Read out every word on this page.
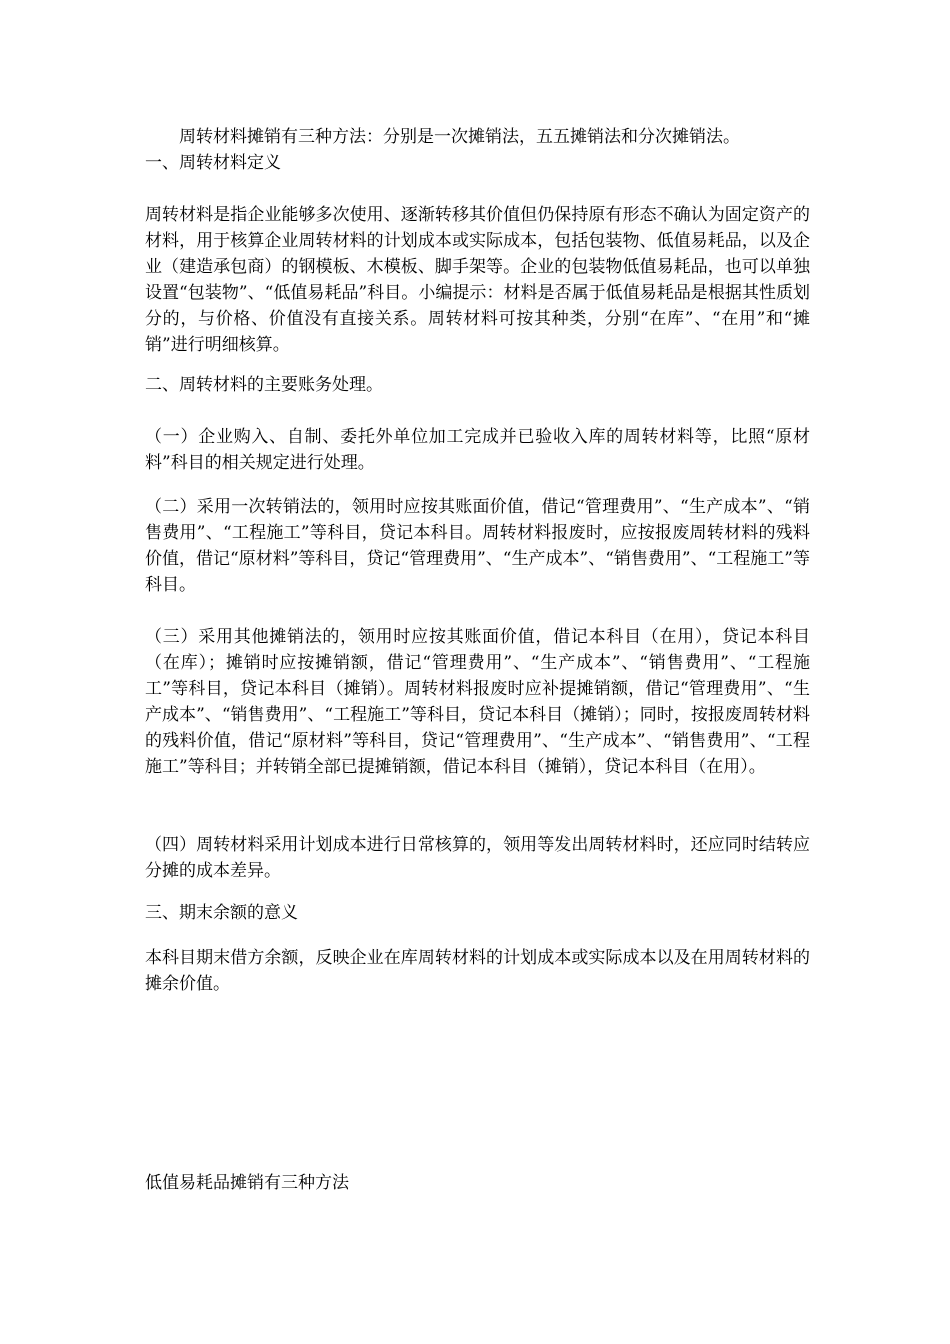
　　周转材料摊销有三种方法：分别是一次摊销法，五五摊销法和分次摊销法。

一、周转材料定义

周转材料是指企业能够多次使用、逐渐转移其价值但仍保持原有形态不确认为固定资产的材料，用于核算企业周转材料的计划成本或实际成本，包括包装物、低值易耗品，以及企业（建造承包商）的钢模板、木模板、脚手架等。企业的包装物低值易耗品，也可以单独设置“包装物”、“低值易耗品”科目。小编提示：材料是否属于低值易耗品是根据其性质划分的，与价格、价值没有直接关系。周转材料可按其种类，分别“在库”、“在用”和“摊销”进行明细核算。

二、周转材料的主要账务处理。

（一）企业购入、自制、委托外单位加工完成并已验收入库的周转材料等，比照“原材料”科目的相关规定进行处理。

（二）采用一次转销法的，领用时应按其账面价值，借记“管理费用”、“生产成本”、“销售费用”、“工程施工”等科目，贷记本科目。周转材料报废时，应按报废周转材料的残料价值，借记“原材料”等科目，贷记“管理费用”、“生产成本”、“销售费用”、“工程施工”等科目。

（三）采用其他摊销法的，领用时应按其账面价值，借记本科目（在用），贷记本科目（在库）；摊销时应按摊销额，借记“管理费用”、“生产成本”、“销售费用”、“工程施工”等科目，贷记本科目（摊销）。周转材料报废时应补提摊销额，借记“管理费用”、“生产成本”、“销售费用”、“工程施工”等科目，贷记本科目（摊销）；同时，按报废周转材料的残料价值，借记“原材料”等科目，贷记“管理费用”、“生产成本”、“销售费用”、“工程施工”等科目；并转销全部已提摊销额，借记本科目（摊销），贷记本科目（在用）。

（四）周转材料采用计划成本进行日常核算的，领用等发出周转材料时，还应同时结转应分摊的成本差异。

三、期末余额的意义

本科目期末借方余额，反映企业在库周转材料的计划成本或实际成本以及在用周转材料的摊余价值。

低值易耗品摊销有三种方法
